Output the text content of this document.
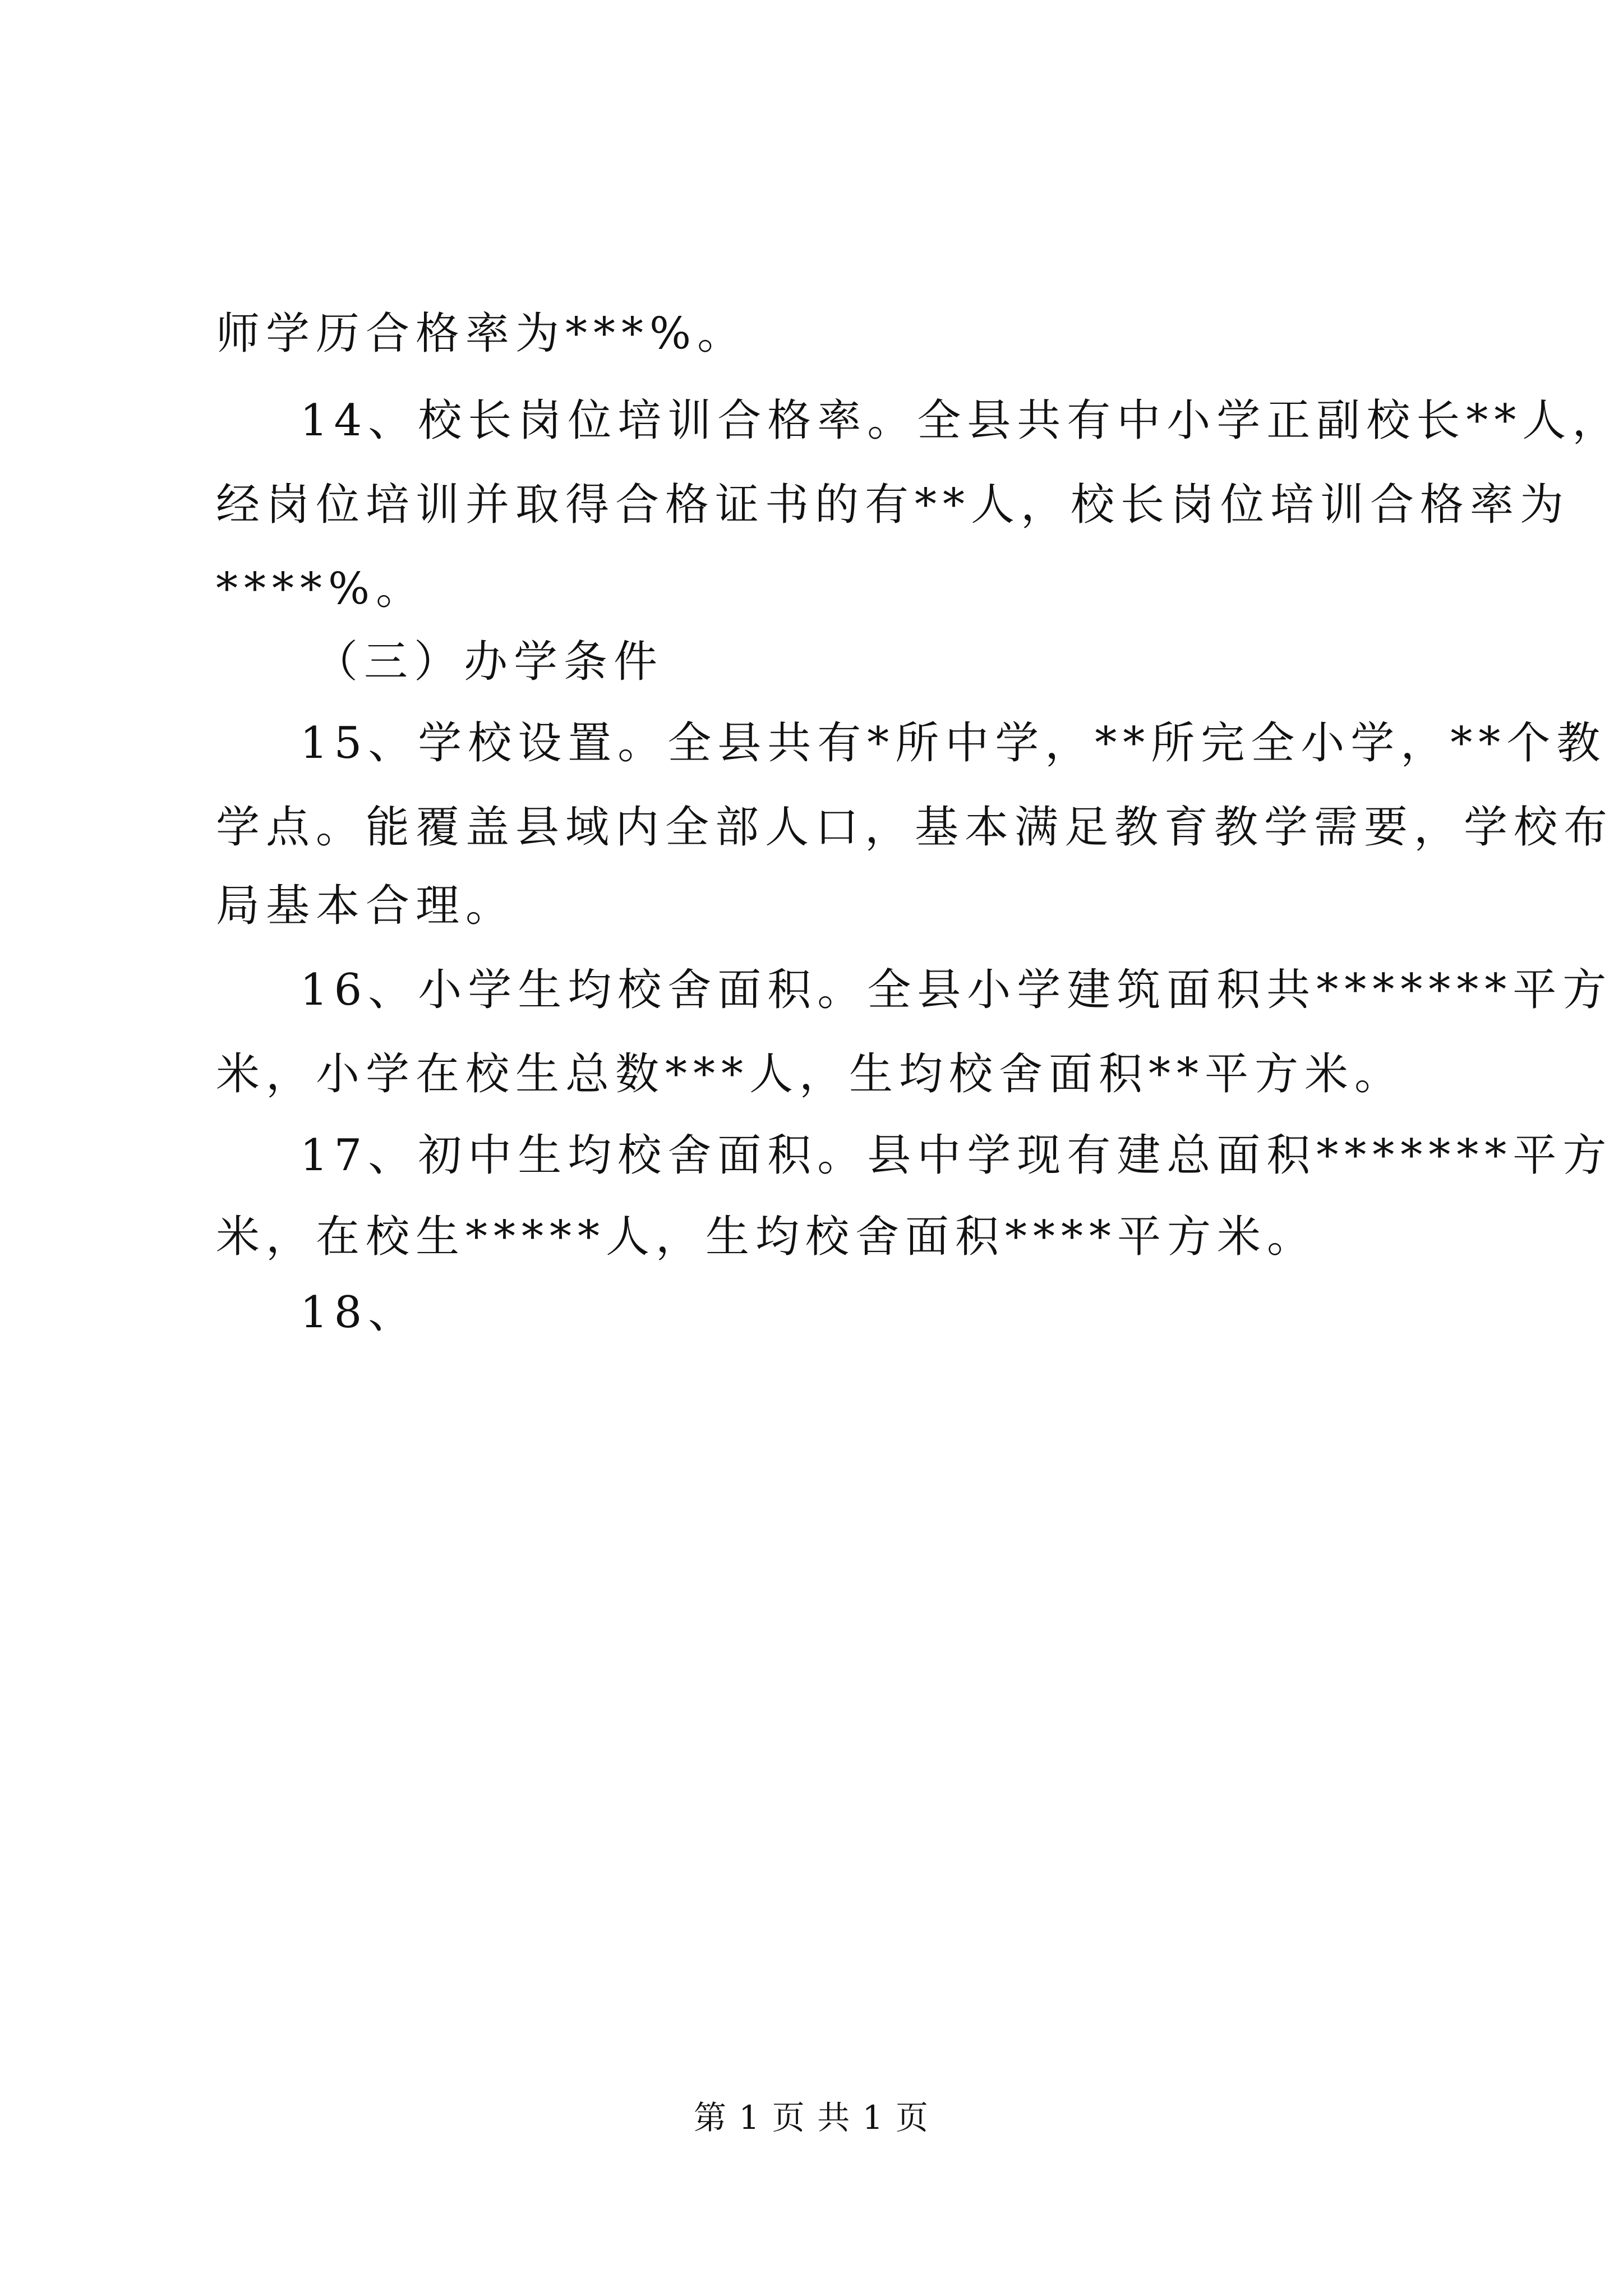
师学历合格率为***%。
14、校长岗位培训合格率。全县共有中小学正副校长**人，
经岗位培训并取得合格证书的有**人，校长岗位培训合格率为
****%。
（三）办学条件
15、学校设置。全县共有*所中学，**所完全小学，**个教
学点。能覆盖县域内全部人口，基本满足教育教学需要，学校布
局基本合理。
16、小学生均校舍面积。全县小学建筑面积共*******平方
米，小学在校生总数***人，生均校舍面积**平方米。
17、初中生均校舍面积。县中学现有建总面积*******平方
米，在校生*****人，生均校舍面积****平方米。
18、
第 1 页 共 1 页
